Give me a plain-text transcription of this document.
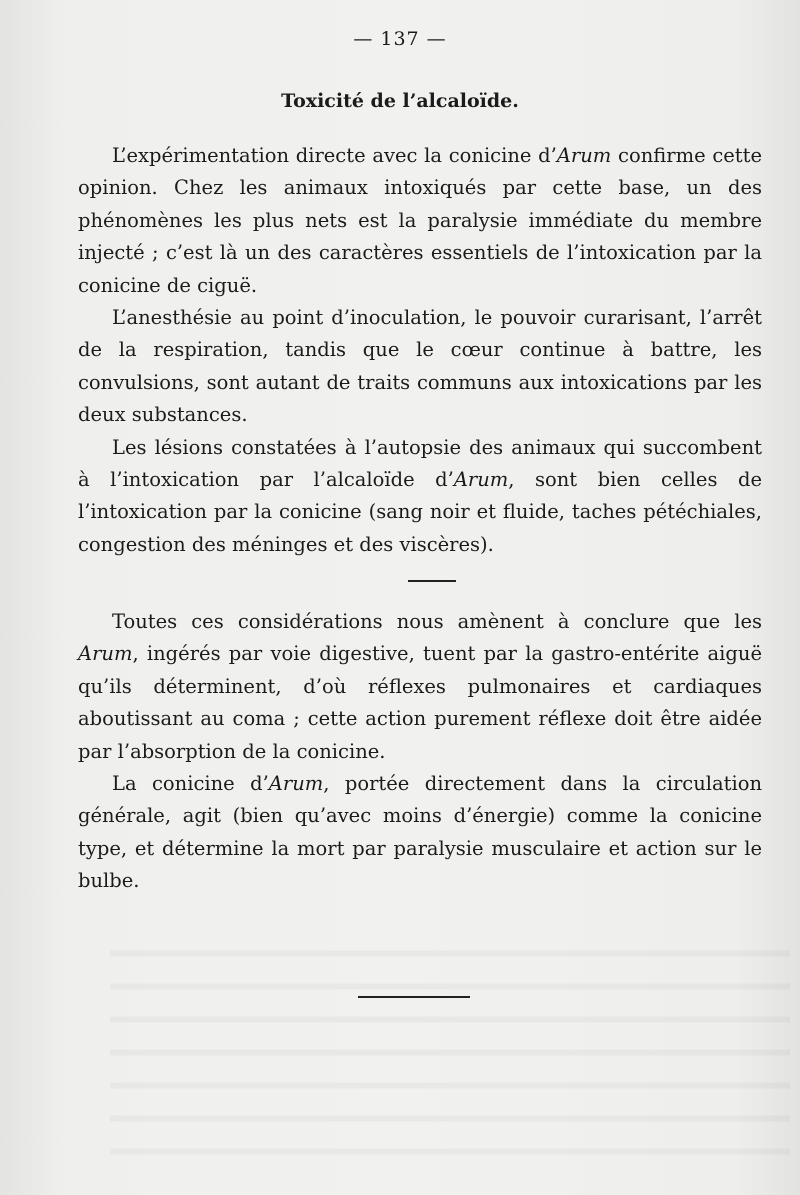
— 137 —
Toxicité de l’alcaloïde.

L’expérimentation directe avec la conicine d’Arum confirme cette opinion. Chez les animaux intoxiqués par cette base, un des phénomènes les plus nets est la paralysie immédiate du membre injecté ; c’est là un des caractères essentiels de l’intoxication par la conicine de ciguë.

L’anesthésie au point d’inoculation, le pouvoir curarisant, l’arrêt de la respiration, tandis que le cœur continue à battre, les convulsions, sont autant de traits communs aux intoxications par les deux substances.

Les lésions constatées à l’autopsie des animaux qui succombent à l’intoxication par l’alcaloïde d’Arum, sont bien celles de l’intoxication par la conicine (sang noir et fluide, taches pétéchiales, congestion des méninges et des viscères).

Toutes ces considérations nous amènent à conclure que les Arum, ingérés par voie digestive, tuent par la gastro-entérite aiguë qu’ils déterminent, d’où réflexes pulmonaires et cardiaques aboutissant au coma ; cette action purement réflexe doit être aidée par l’absorption de la conicine.

La conicine d’Arum, portée directement dans la circulation générale, agit (bien qu’avec moins d’énergie) comme la conicine type, et détermine la mort par paralysie musculaire et action sur le bulbe.
